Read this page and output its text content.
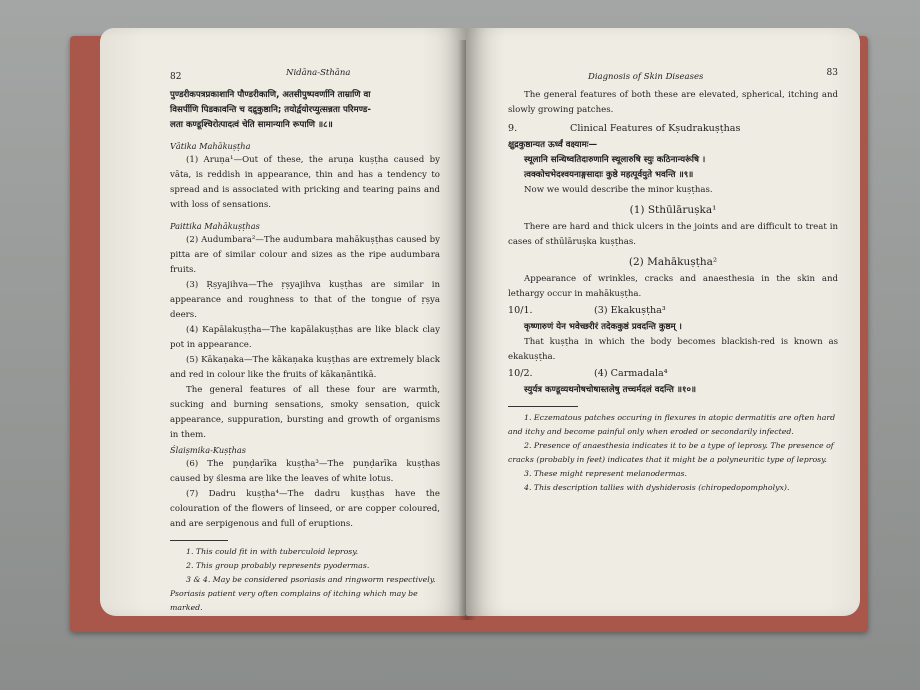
82	Nidāna-Sthāna

पुण्डरीकपत्रप्रकाशानि पौण्डरीकाणि, अतसीपुष्पवर्णानि ताम्राणि वा

विसर्पीणि पिडकावन्ति च दद्रुकुष्ठानि; तयोर्द्वयोरप्युत्सन्नता परिमण्ड-

लता कण्डूश्चिरोत्पादत्वं चेति सामान्यानि रूपाणि ॥८॥

Vātika Mahākuṣṭha

(1) Aruṇa¹—Out of these, the aruṇa kuṣṭha caused by vāta, is reddish in appearance, thin and has a tendency to spread and is associated with pricking and tearing pains and with loss of sensations.

Paittika Mahākuṣṭhas

(2) Audumbara²—The audumbara mahākuṣṭhas caused by pitta are of similar colour and sizes as the ripe audumbara fruits.

(3) Ṛṣyajihva—The ṛṣyajihva kuṣṭhas are similar in appearance and roughness to that of the tongue of ṛṣya deers.

(4) Kapālakuṣṭha—The kapālakuṣṭhas are like black clay pot in appearance.

(5) Kākaṇaka—The kākaṇaka kuṣṭhas are extremely black and red in colour like the fruits of kākaṇāntikā.

The general features of all these four are warmth, sucking and burning sensations, smoky sensation, quick appearance, suppuration, bursting and growth of organisms in them.

Ślaiṣmika-Kuṣṭhas

(6) The puṇḍarīka kuṣṭha³—The puṇḍarīka kuṣṭhas caused by ślesma are like the leaves of white lotus.

(7) Dadru kuṣṭha⁴—The dadru kuṣṭhas have the colouration of the flowers of linseed, or are copper coloured, and are serpigenous and full of eruptions.

1. This could fit in with tuberculoid leprosy.

2. This group probably represents pyodermas.

3 & 4. May be considered psoriasis and ringworm respectively. Psoriasis patient very often complains of itching which may be marked.

Diagnosis of Skin Diseases	83

The general features of both these are elevated, spherical, itching and slowly growing patches.

9.	Clinical Features of Kṣudrakuṣṭhas

क्षुद्रकुष्ठान्यत ऊर्ध्वं वक्ष्यामः—

स्थूलानि सन्धिष्वतिदारुणानि स्थूलारुषि स्युः कठिनान्यरूंषि ।

त्वक्कोचभेदश्वयनाङ्गसादाः कुष्ठे महत्पूर्वयुते भवन्ति ॥९॥

Now we would describe the minor kuṣṭhas.

(1) Sthūlāruṣka¹

There are hard and thick ulcers in the joints and are difficult to treat in cases of sthūlāruṣka kuṣṭhas.

(2) Mahākuṣṭha²

Appearance of wrinkles, cracks and anaesthesia in the skin and lethargy occur in mahākuṣṭha.

10/1.	(3) Ekakuṣṭha³

कृष्णारुणं येन भवेच्छरीरं तदेककुष्ठं प्रवदन्ति कुष्ठम् ।

That kuṣṭha in which the body becomes blackish-red is known as ekakuṣṭha.

10/2.	(4) Carmadala⁴

स्युर्यत्र कण्डूव्यथनोषचोषास्तलेषु तच्चर्मदलं वदन्ति ॥१०॥

1. Eczematous patches occuring in flexures in atopic dermatitis are often hard and itchy and become painful only when eroded or secondarily infected.

2. Presence of anaesthesia indicates it to be a type of leprosy. The presence of cracks (probably in feet) indicates that it might be a polyneuritic type of leprosy.

3. These might represent melanodermas.

4. This description tallies with dyshiderosis (chiropedopompholyx).
